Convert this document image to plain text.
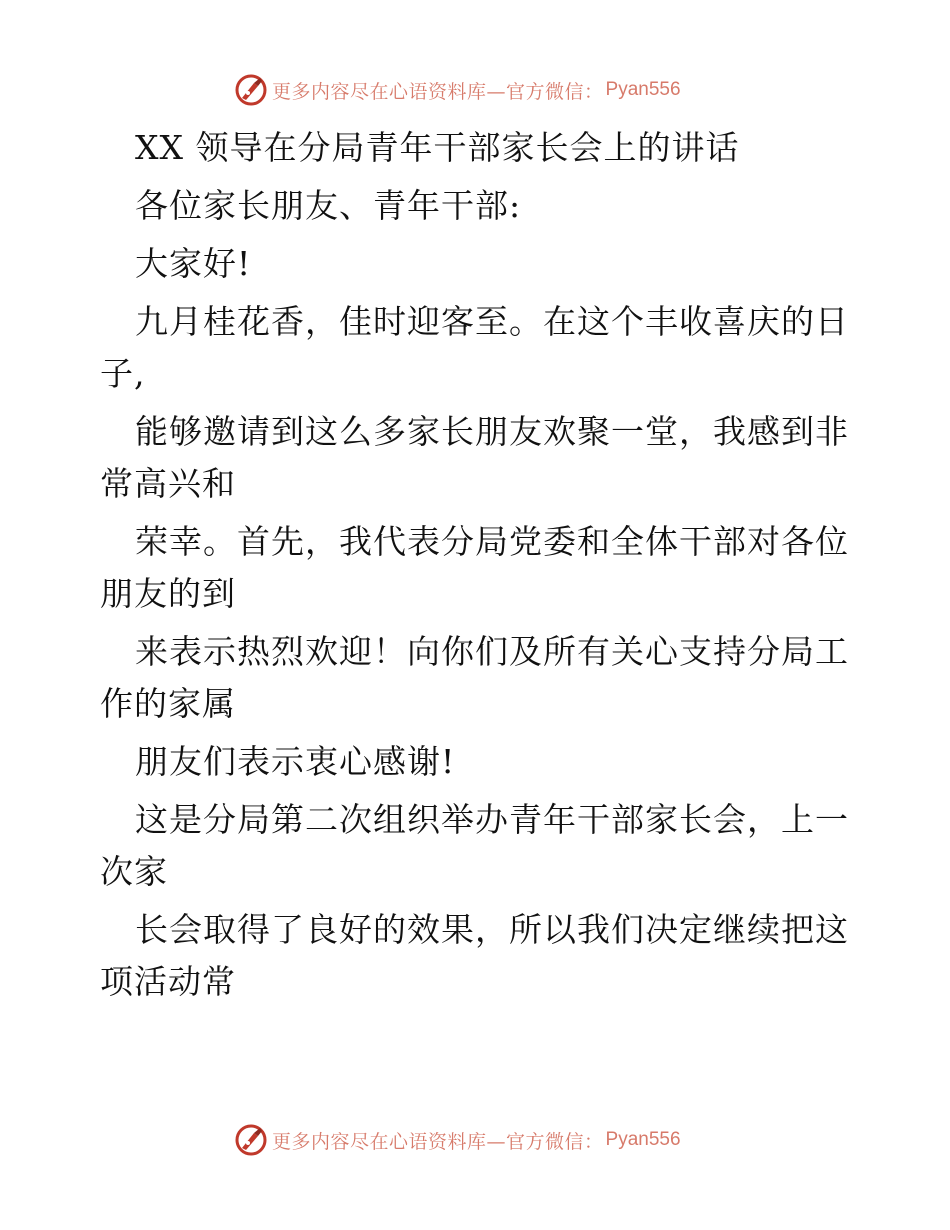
更多内容尽在心语资料库—官方微信： Pyan556
XX 领导在分局青年干部家长会上的讲话
各位家长朋友、青年干部:
大家好!
九月桂花香，佳时迎客至。在这个丰收喜庆的日
子,
能够邀请到这么多家长朋友欢聚一堂，我感到非
常高兴和
荣幸。首先，我代表分局党委和全体干部对各位
朋友的到
来表示热烈欢迎！向你们及所有关心支持分局工
作的家属
朋友们表示衷心感谢!
这是分局第二次组织举办青年干部家长会，上一
次家
长会取得了良好的效果，所以我们决定继续把这
项活动常
更多内容尽在心语资料库—官方微信： Pyan556
